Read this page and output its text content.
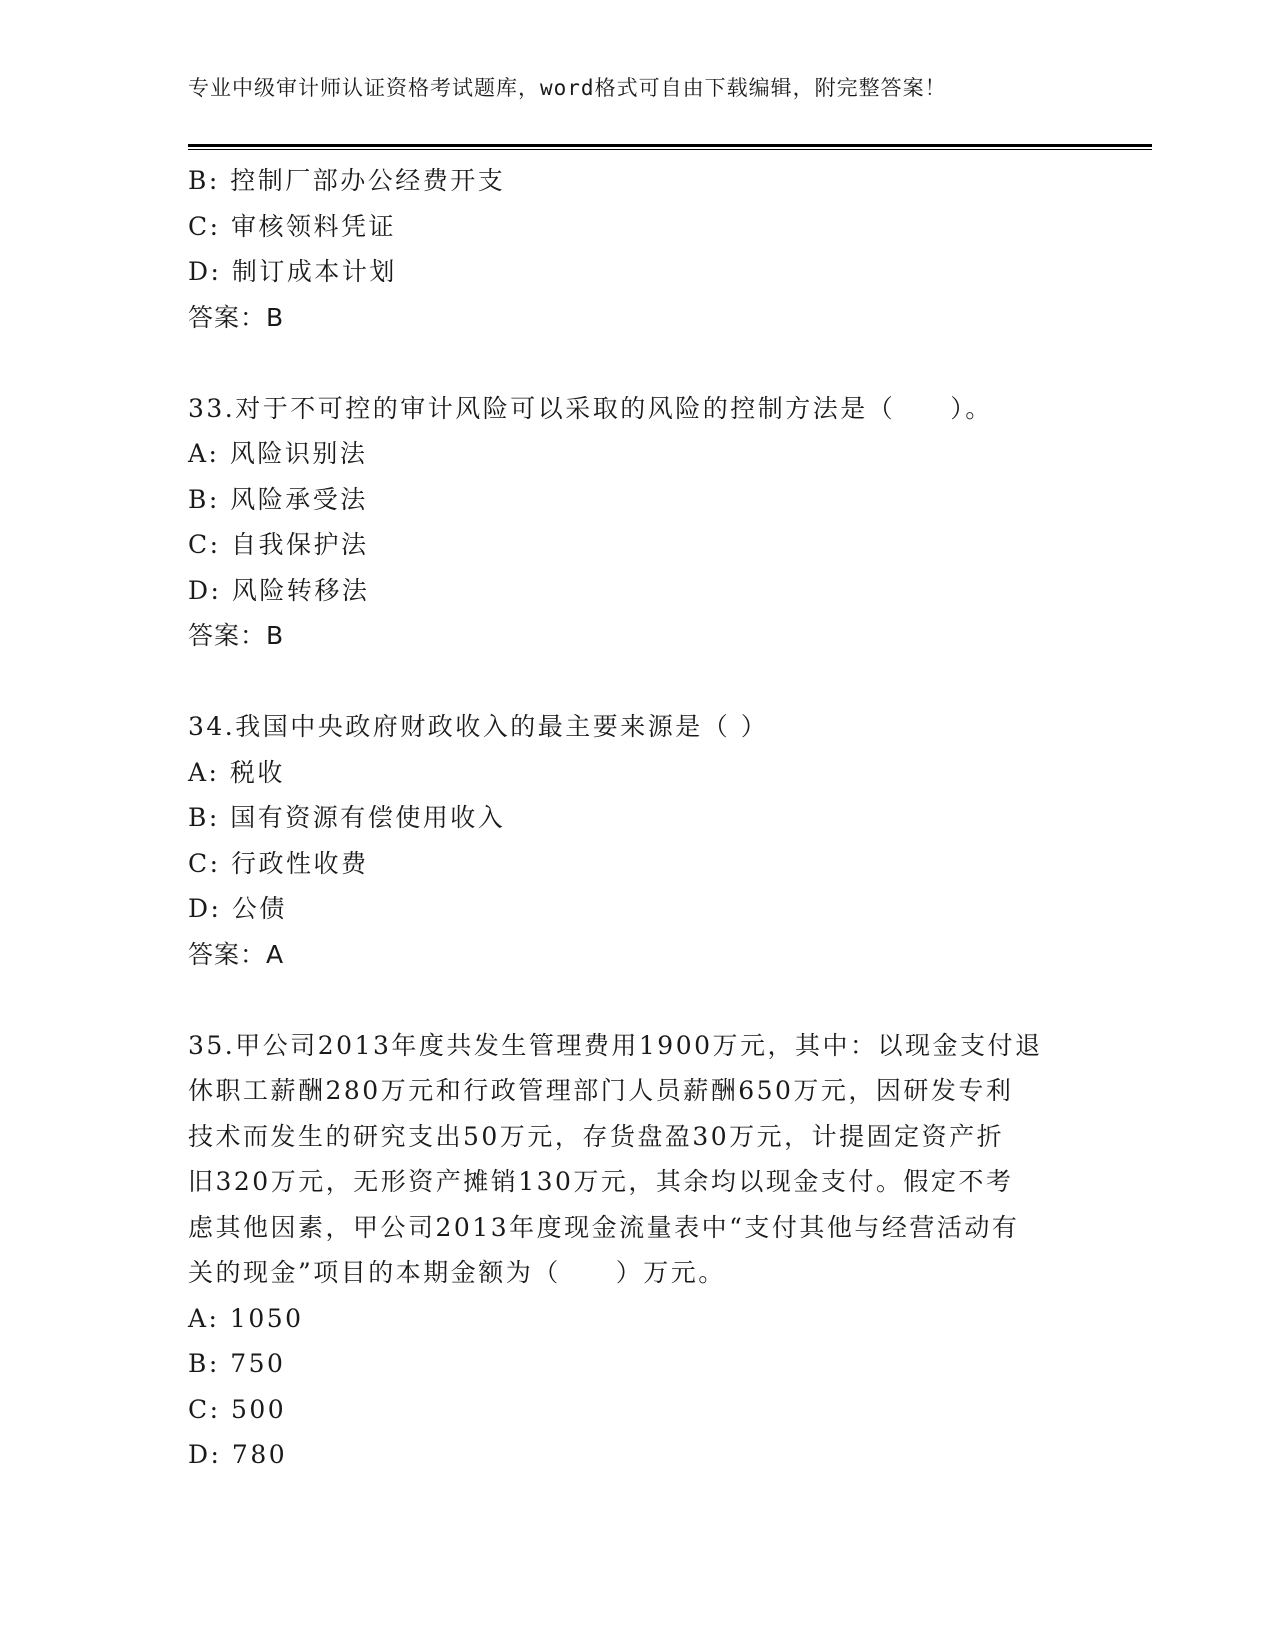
专业中级审计师认证资格考试题库，word格式可自由下载编辑，附完整答案！
B: 控制厂部办公经费开支
C: 审核领料凭证
D: 制订成本计划
答案：B
33.对于不可控的审计风险可以采取的风险的控制方法是（　　）。
A: 风险识别法
B: 风险承受法
C: 自我保护法
D: 风险转移法
答案：B
34.我国中央政府财政收入的最主要来源是（ ）
A: 税收
B: 国有资源有偿使用收入
C: 行政性收费
D: 公债
答案：A
35.甲公司2013年度共发生管理费用1900万元，其中：以现金支付退
休职工薪酬280万元和行政管理部门人员薪酬650万元，因研发专利
技术而发生的研究支出50万元，存货盘盈30万元，计提固定资产折
旧320万元，无形资产摊销130万元，其余均以现金支付。假定不考
虑其他因素，甲公司2013年度现金流量表中“支付其他与经营活动有
关的现金”项目的本期金额为（　　）万元。
A: 1050
B: 750
C: 500
D: 780
